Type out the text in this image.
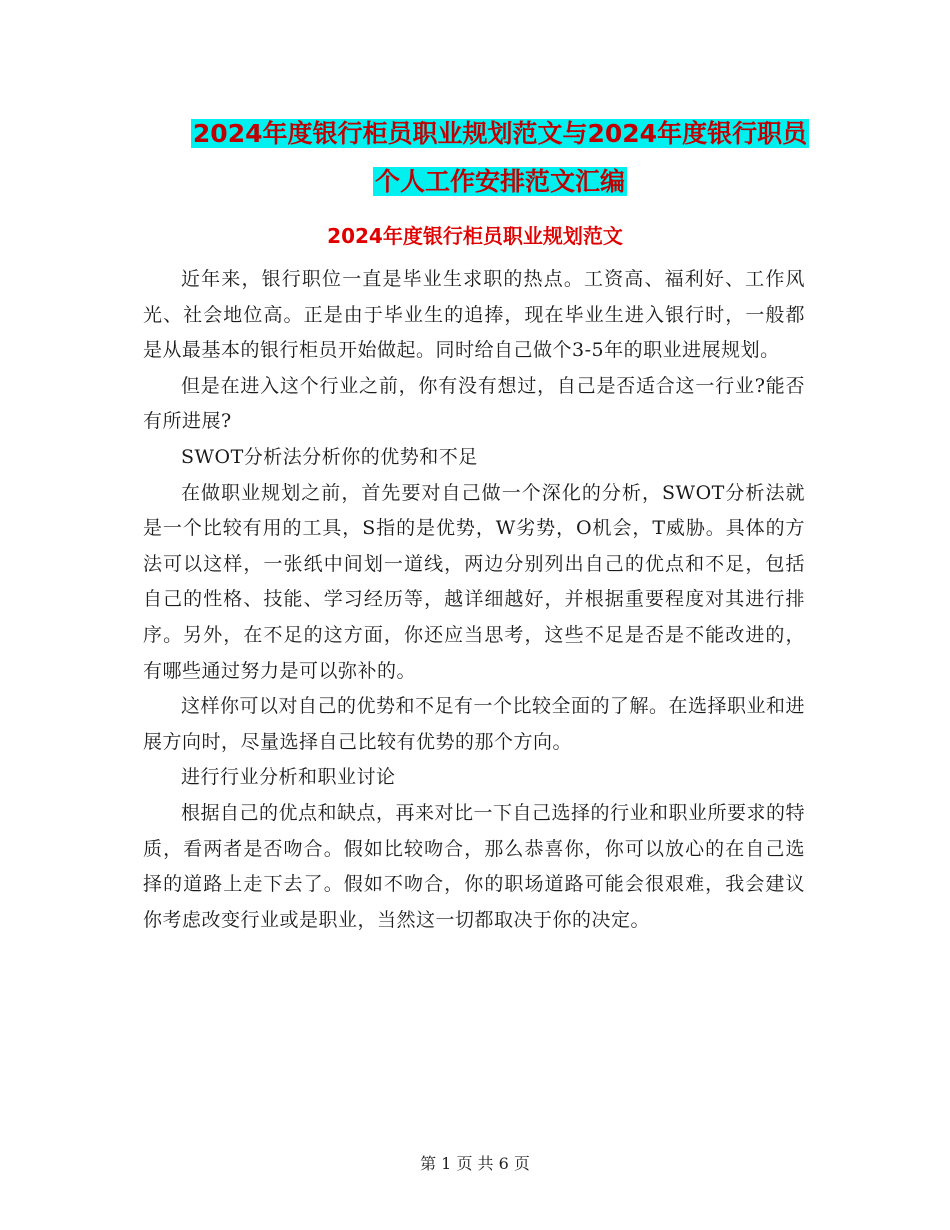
2024年度银行柜员职业规划范文与2024年度银行职员
个人工作安排范文汇编
2024年度银行柜员职业规划范文

近年来，银行职位一直是毕业生求职的热点。工资高、福利好、工作风光、社会地位高。正是由于毕业生的追捧，现在毕业生进入银行时，一般都是从最基本的银行柜员开始做起。同时给自己做个3-5年的职业进展规划。

但是在进入这个行业之前，你有没有想过，自己是否适合这一行业?能否有所进展?

SWOT分析法分析你的优势和不足

在做职业规划之前，首先要对自己做一个深化的分析，SWOT分析法就是一个比较有用的工具，S指的是优势，W劣势，O机会，T威胁。具体的方法可以这样，一张纸中间划一道线，两边分别列出自己的优点和不足，包括自己的性格、技能、学习经历等，越详细越好，并根据重要程度对其进行排序。另外，在不足的这方面，你还应当思考，这些不足是否是不能改进的，有哪些通过努力是可以弥补的。

这样你可以对自己的优势和不足有一个比较全面的了解。在选择职业和进展方向时，尽量选择自己比较有优势的那个方向。

进行行业分析和职业讨论

根据自己的优点和缺点，再来对比一下自己选择的行业和职业所要求的特质，看两者是否吻合。假如比较吻合，那么恭喜你，你可以放心的在自己选择的道路上走下去了。假如不吻合，你的职场道路可能会很艰难，我会建议你考虑改变行业或是职业，当然这一切都取决于你的决定。

第 1 页 共 6 页
